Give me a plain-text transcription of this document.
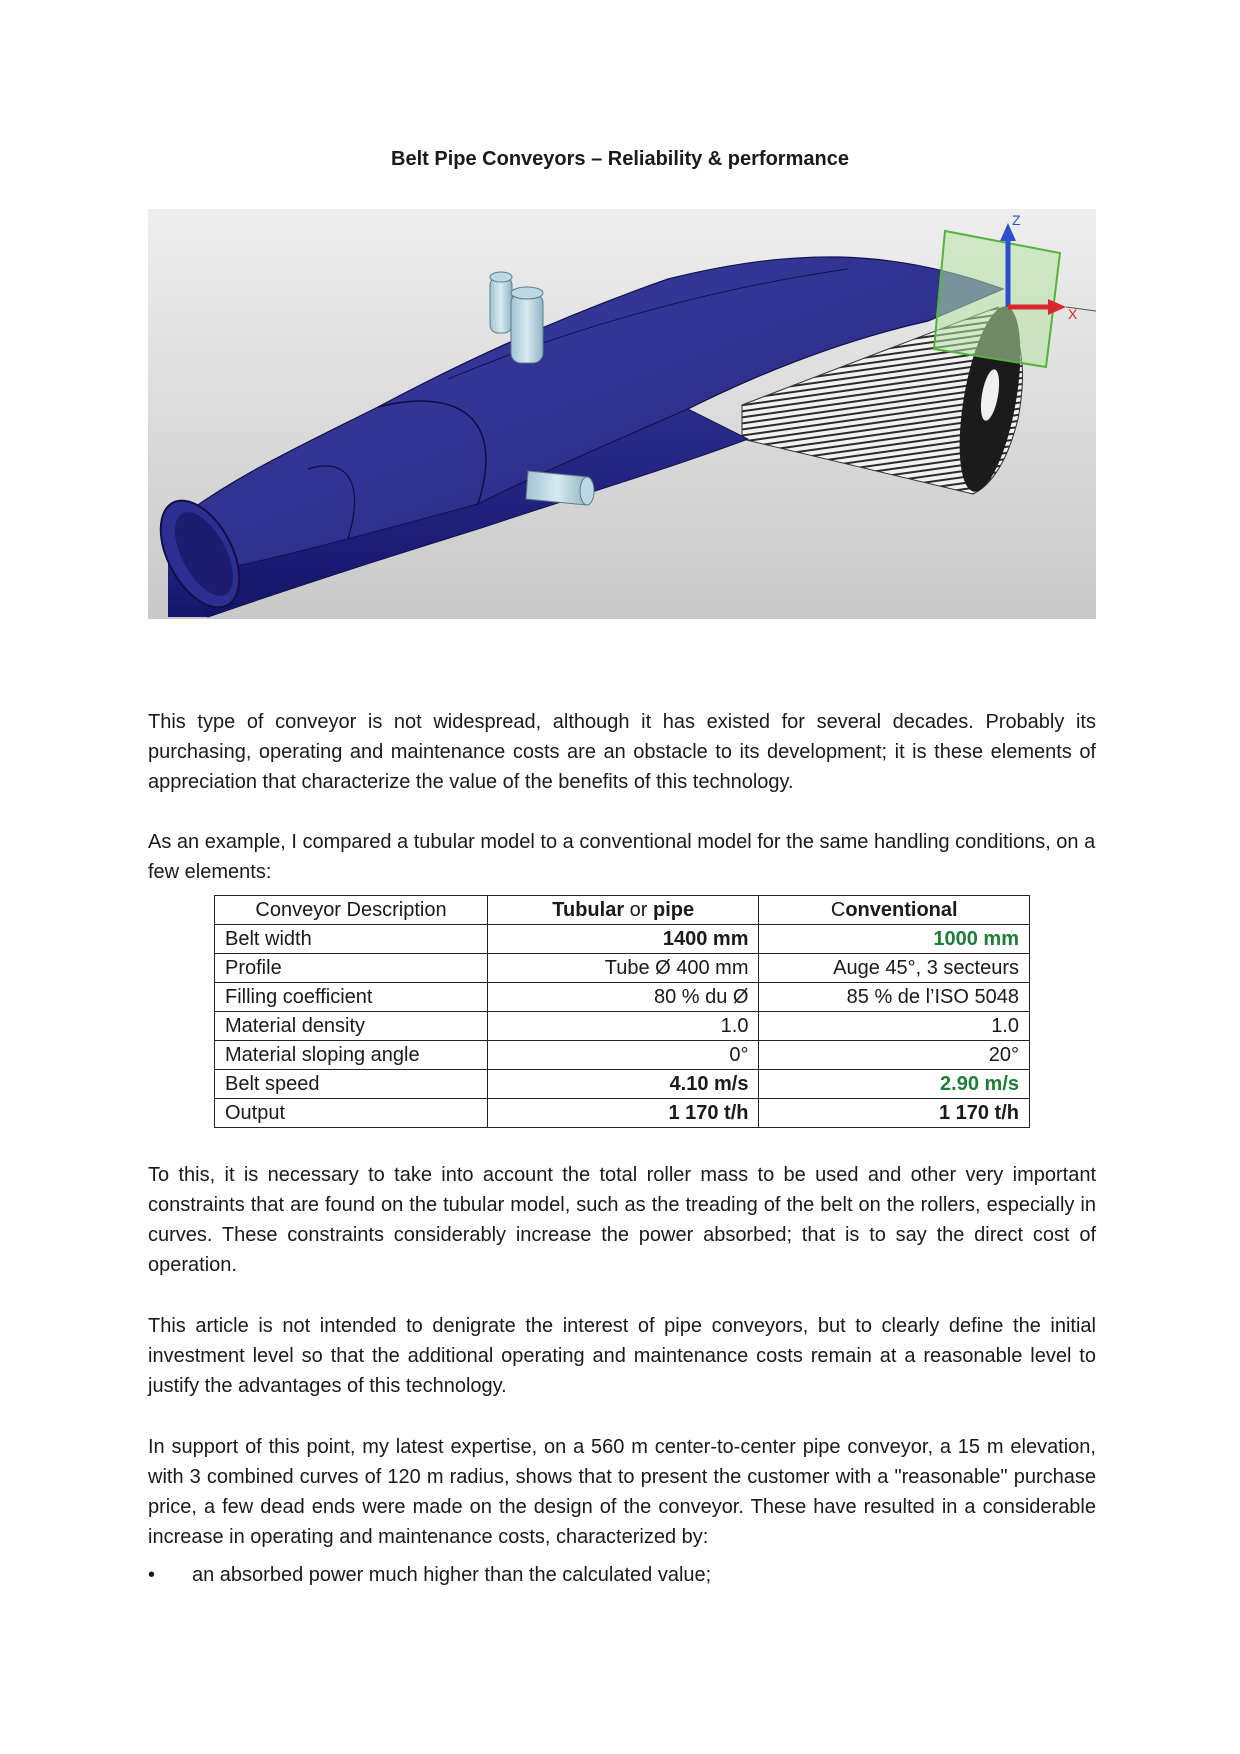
Belt Pipe Conveyors – Reliability & performance
Z
X

This type of conveyor is not widespread, although it has existed for several decades. Probably its purchasing, operating and maintenance costs are an obstacle to its development; it is these elements of appreciation that characterize the value of the benefits of this technology.

As an example, I compared a tubular model to a conventional model for the same handling conditions, on a few elements:

Conveyor Description	Tubular or pipe	Conventional
Belt width	1400 mm	1000 mm
Profile	Tube Ø 400 mm	Auge 45°, 3 secteurs
Filling coefficient	80 % du Ø	85 % de l’ISO 5048
Material density	1.0	1.0
Material sloping angle	0°	20°
Belt speed	4.10 m/s	2.90 m/s
Output	1 170 t/h	1 170 t/h

To this, it is necessary to take into account the total roller mass to be used and other very important constraints that are found on the tubular model, such as the treading of the belt on the rollers, especially in curves. These constraints considerably increase the power absorbed; that is to say the direct cost of operation.

This article is not intended to denigrate the interest of pipe conveyors, but to clearly define the initial investment level so that the additional operating and maintenance costs remain at a reasonable level to justify the advantages of this technology.

In support of this point, my latest expertise, on a 560 m center-to-center pipe conveyor, a 15 m elevation, with 3 combined curves of 120 m radius, shows that to present the customer with a "reasonable" purchase price, a few dead ends were made on the design of the conveyor. These have resulted in a considerable increase in operating and maintenance costs, characterized by:

•	an absorbed power much higher than the calculated value;
